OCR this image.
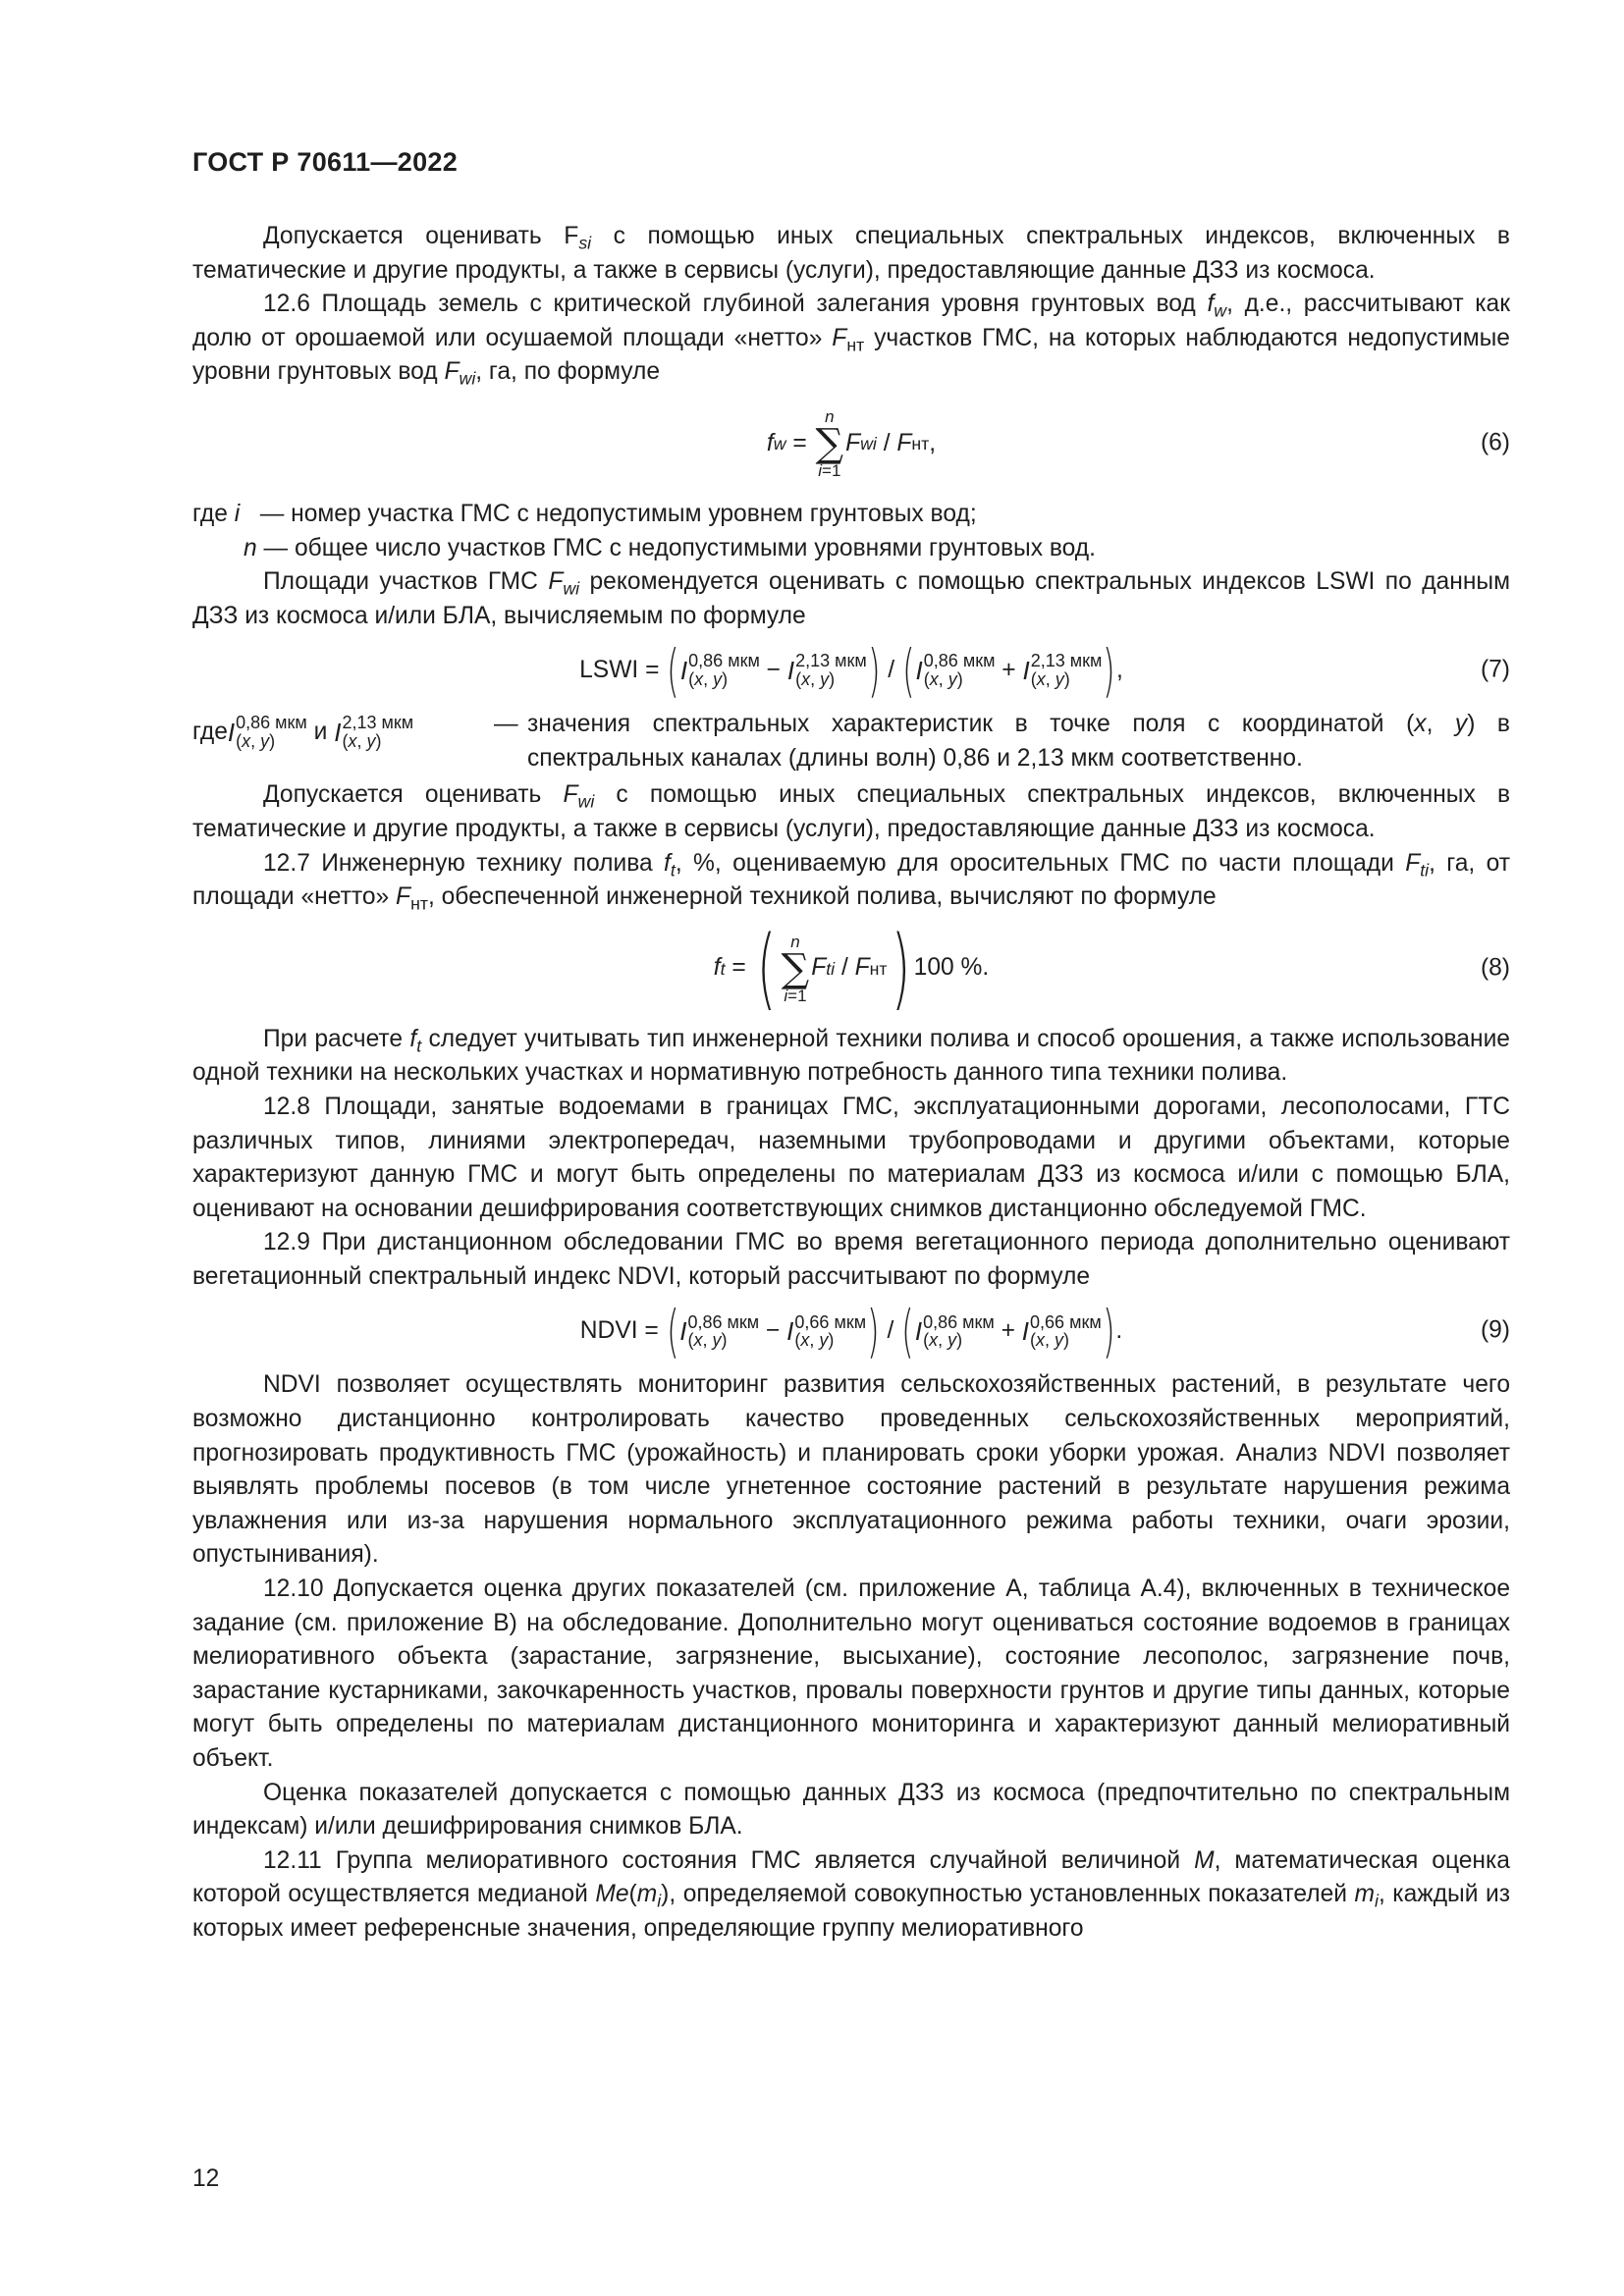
ГОСТ Р 70611—2022

Допускается оценивать $F_{si}$ с помощью иных специальных спектральных индексов, включенных в тематические и другие продукты, а также в сервисы (услуги), предоставляющие данные ДЗЗ из космоса.

12.6 Площадь земель с критической глубиной залегания уровня грунтовых вод $f_w$, д.е., рассчитывают как долю от орошаемой или осушаемой площади «нетто» $F_{нт}$ участков ГМС, на которых наблюдаются недопустимые уровни грунтовых вод $F_{wi}$, га, по формуле

f w =
n
∑
i=1
F wi / F нт ,	(6)

где i — номер участка ГМС с недопустимым уровнем грунтовых вод;

n — общее число участков ГМС с недопустимыми уровнями грунтовых вод.

Площади участков ГМС $F_{wi}$ рекомендуется оценивать с помощью спектральных индексов LSWI по данным ДЗЗ из космоса и/или БЛА, вычисляемым по формуле

LSWI = ( I 0,86 мкм
(x, y)	− I 2,13 мкм
(x, y) ) / ( I 0,86 мкм
(x, y)	+ I 2,13 мкм
(x, y) ) ,	(7)
где I 0,86 мкм
(x, y)	и I 2,13 мкм
(x, y)
— значения спектральных характеристик в точке поля с координатой (x, y) в спектральных каналах (длины волн) 0,86 и 2,13 мкм соответственно.

Допускается оценивать $F_{wi}$ с помощью иных специальных спектральных индексов, включенных в тематические и другие продукты, а также в сервисы (услуги), предоставляющие данные ДЗЗ из космоса.

12.7 Инженерную технику полива $f_t$, %, оцениваемую для оросительных ГМС по части площади $F_{ti}$, га, от площади «нетто» $F_{нт}$, обеспеченной инженерной техникой полива, вычисляют по формуле

f t = ( n
∑
i=1
F ti / F нт ) 100 %.	(8)

При расчете $f_t$ следует учитывать тип инженерной техники полива и способ орошения, а также использование одной техники на нескольких участках и нормативную потребность данного типа техники полива.

12.8 Площади, занятые водоемами в границах ГМС, эксплуатационными дорогами, лесополосами, ГТС различных типов, линиями электропередач, наземными трубопроводами и другими объектами, которые характеризуют данную ГМС и могут быть определены по материалам ДЗЗ из космоса и/или с помощью БЛА, оценивают на основании дешифрирования соответствующих снимков дистанционно обследуемой ГМС.

12.9 При дистанционном обследовании ГМС во время вегетационного периода дополнительно оценивают вегетационный спектральный индекс NDVI, который рассчитывают по формуле

NDVI = ( I 0,86 мкм
(x, y)	− I 0,66 мкм
(x, y) ) / ( I 0,86 мкм
(x, y)	+ I 0,66 мкм
(x, y) ) .	(9)

NDVI позволяет осуществлять мониторинг развития сельскохозяйственных растений, в результате чего возможно дистанционно контролировать качество проведенных сельскохозяйственных мероприятий, прогнозировать продуктивность ГМС (урожайность) и планировать сроки уборки урожая. Анализ NDVI позволяет выявлять проблемы посевов (в том числе угнетенное состояние растений в результате нарушения режима увлажнения или из-за нарушения нормального эксплуатационного режима работы техники, очаги эрозии, опустынивания).

12.10 Допускается оценка других показателей (см. приложение А, таблица А.4), включенных в техническое задание (см. приложение В) на обследование. Дополнительно могут оцениваться состояние водоемов в границах мелиоративного объекта (зарастание, загрязнение, высыхание), состояние лесополос, загрязнение почв, зарастание кустарниками, закочкаренность участков, провалы поверхности грунтов и другие типы данных, которые могут быть определены по материалам дистанционного мониторинга и характеризуют данный мелиоративный объект.

Оценка показателей допускается с помощью данных ДЗЗ из космоса (предпочтительно по спектральным индексам) и/или дешифрирования снимков БЛА.

12.11 Группа мелиоративного состояния ГМС является случайной величиной M, математическая оценка которой осуществляется медианой $Me(m_i)$, определяемой совокупностью установленных показателей $m_i$, каждый из которых имеет референсные значения, определяющие группу мелиоративного

12
